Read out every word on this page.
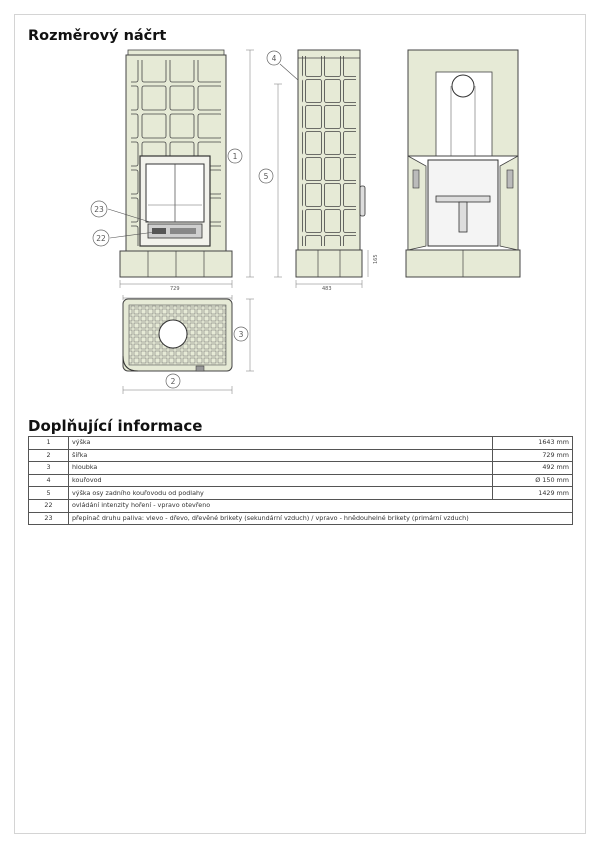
Rozměrový náčrt
729	483
165
1
2
3
4
5
22
23
Doplňující informace
1	výška	1643 mm
2	šířka	729 mm
3	hloubka	492 mm
4	kouřovod	Ø 150 mm
5	výška osy zadního kouřovodu od podlahy	1429 mm
22	ovládání intenzity hoření - vpravo otevřeno	
23	přepínač druhu paliva: vlevo - dřevo, dřevěné brikety (sekundární vzduch) / vpravo - hnědouhelné brikety (primární vzduch)	
